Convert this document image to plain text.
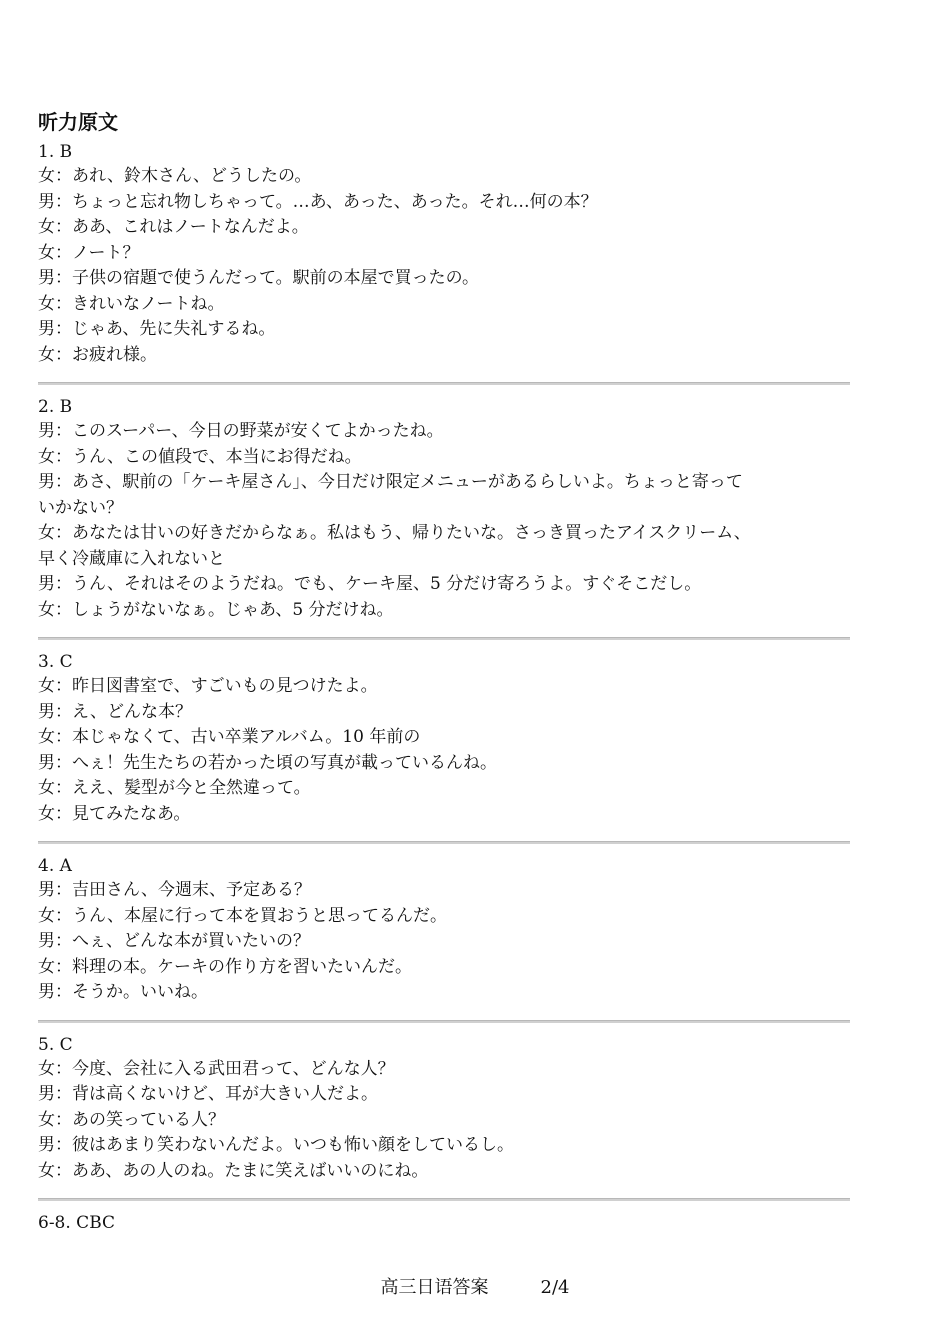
听力原文
1. B
女：あれ、鈴木さん、どうしたの。
男：ちょっと忘れ物しちゃって。…あ、あった、あった。それ…何の本？
女：ああ、これはノートなんだよ。
女：ノート？
男：子供の宿題で使うんだって。駅前の本屋で買ったの。
女：きれいなノートね。
男：じゃあ、先に失礼するね。
女：お疲れ様。
2. B
男：このスーパー、今日の野菜が安くてよかったね。
女：うん、この値段で、本当にお得だね。
男：あさ、駅前の「ケーキ屋さん」、今日だけ限定メニューがあるらしいよ。ちょっと寄って
いかない？
女：あなたは甘いの好きだからなぁ。私はもう、帰りたいな。さっき買ったアイスクリーム、
早く冷蔵庫に入れないと
男：うん、それはそのようだね。でも、ケーキ屋、5 分だけ寄ろうよ。すぐそこだし。
女：しょうがないなぁ。じゃあ、5 分だけね。
3. C
女：昨日図書室で、すごいもの見つけたよ。
男：え、どんな本？
女：本じゃなくて、古い卒業アルバム。10 年前の
男：へぇ！先生たちの若かった頃の写真が載っているんね。
女：ええ、髪型が今と全然違って。
女：見てみたなあ。
4. A
男：吉田さん、今週末、予定ある？
女：うん、本屋に行って本を買おうと思ってるんだ。
男：へぇ、どんな本が買いたいの？
女：料理の本。ケーキの作り方を習いたいんだ。
男：そうか。いいね。
5. C
女：今度、会社に入る武田君って、どんな人？
男：背は高くないけど、耳が大きい人だよ。
女：あの笑っている人？
男：彼はあまり笑わないんだよ。いつも怖い顔をしているし。
女：ああ、あの人のね。たまに笑えばいいのにね。
6-8. CBC
高三日语答案	2/4
